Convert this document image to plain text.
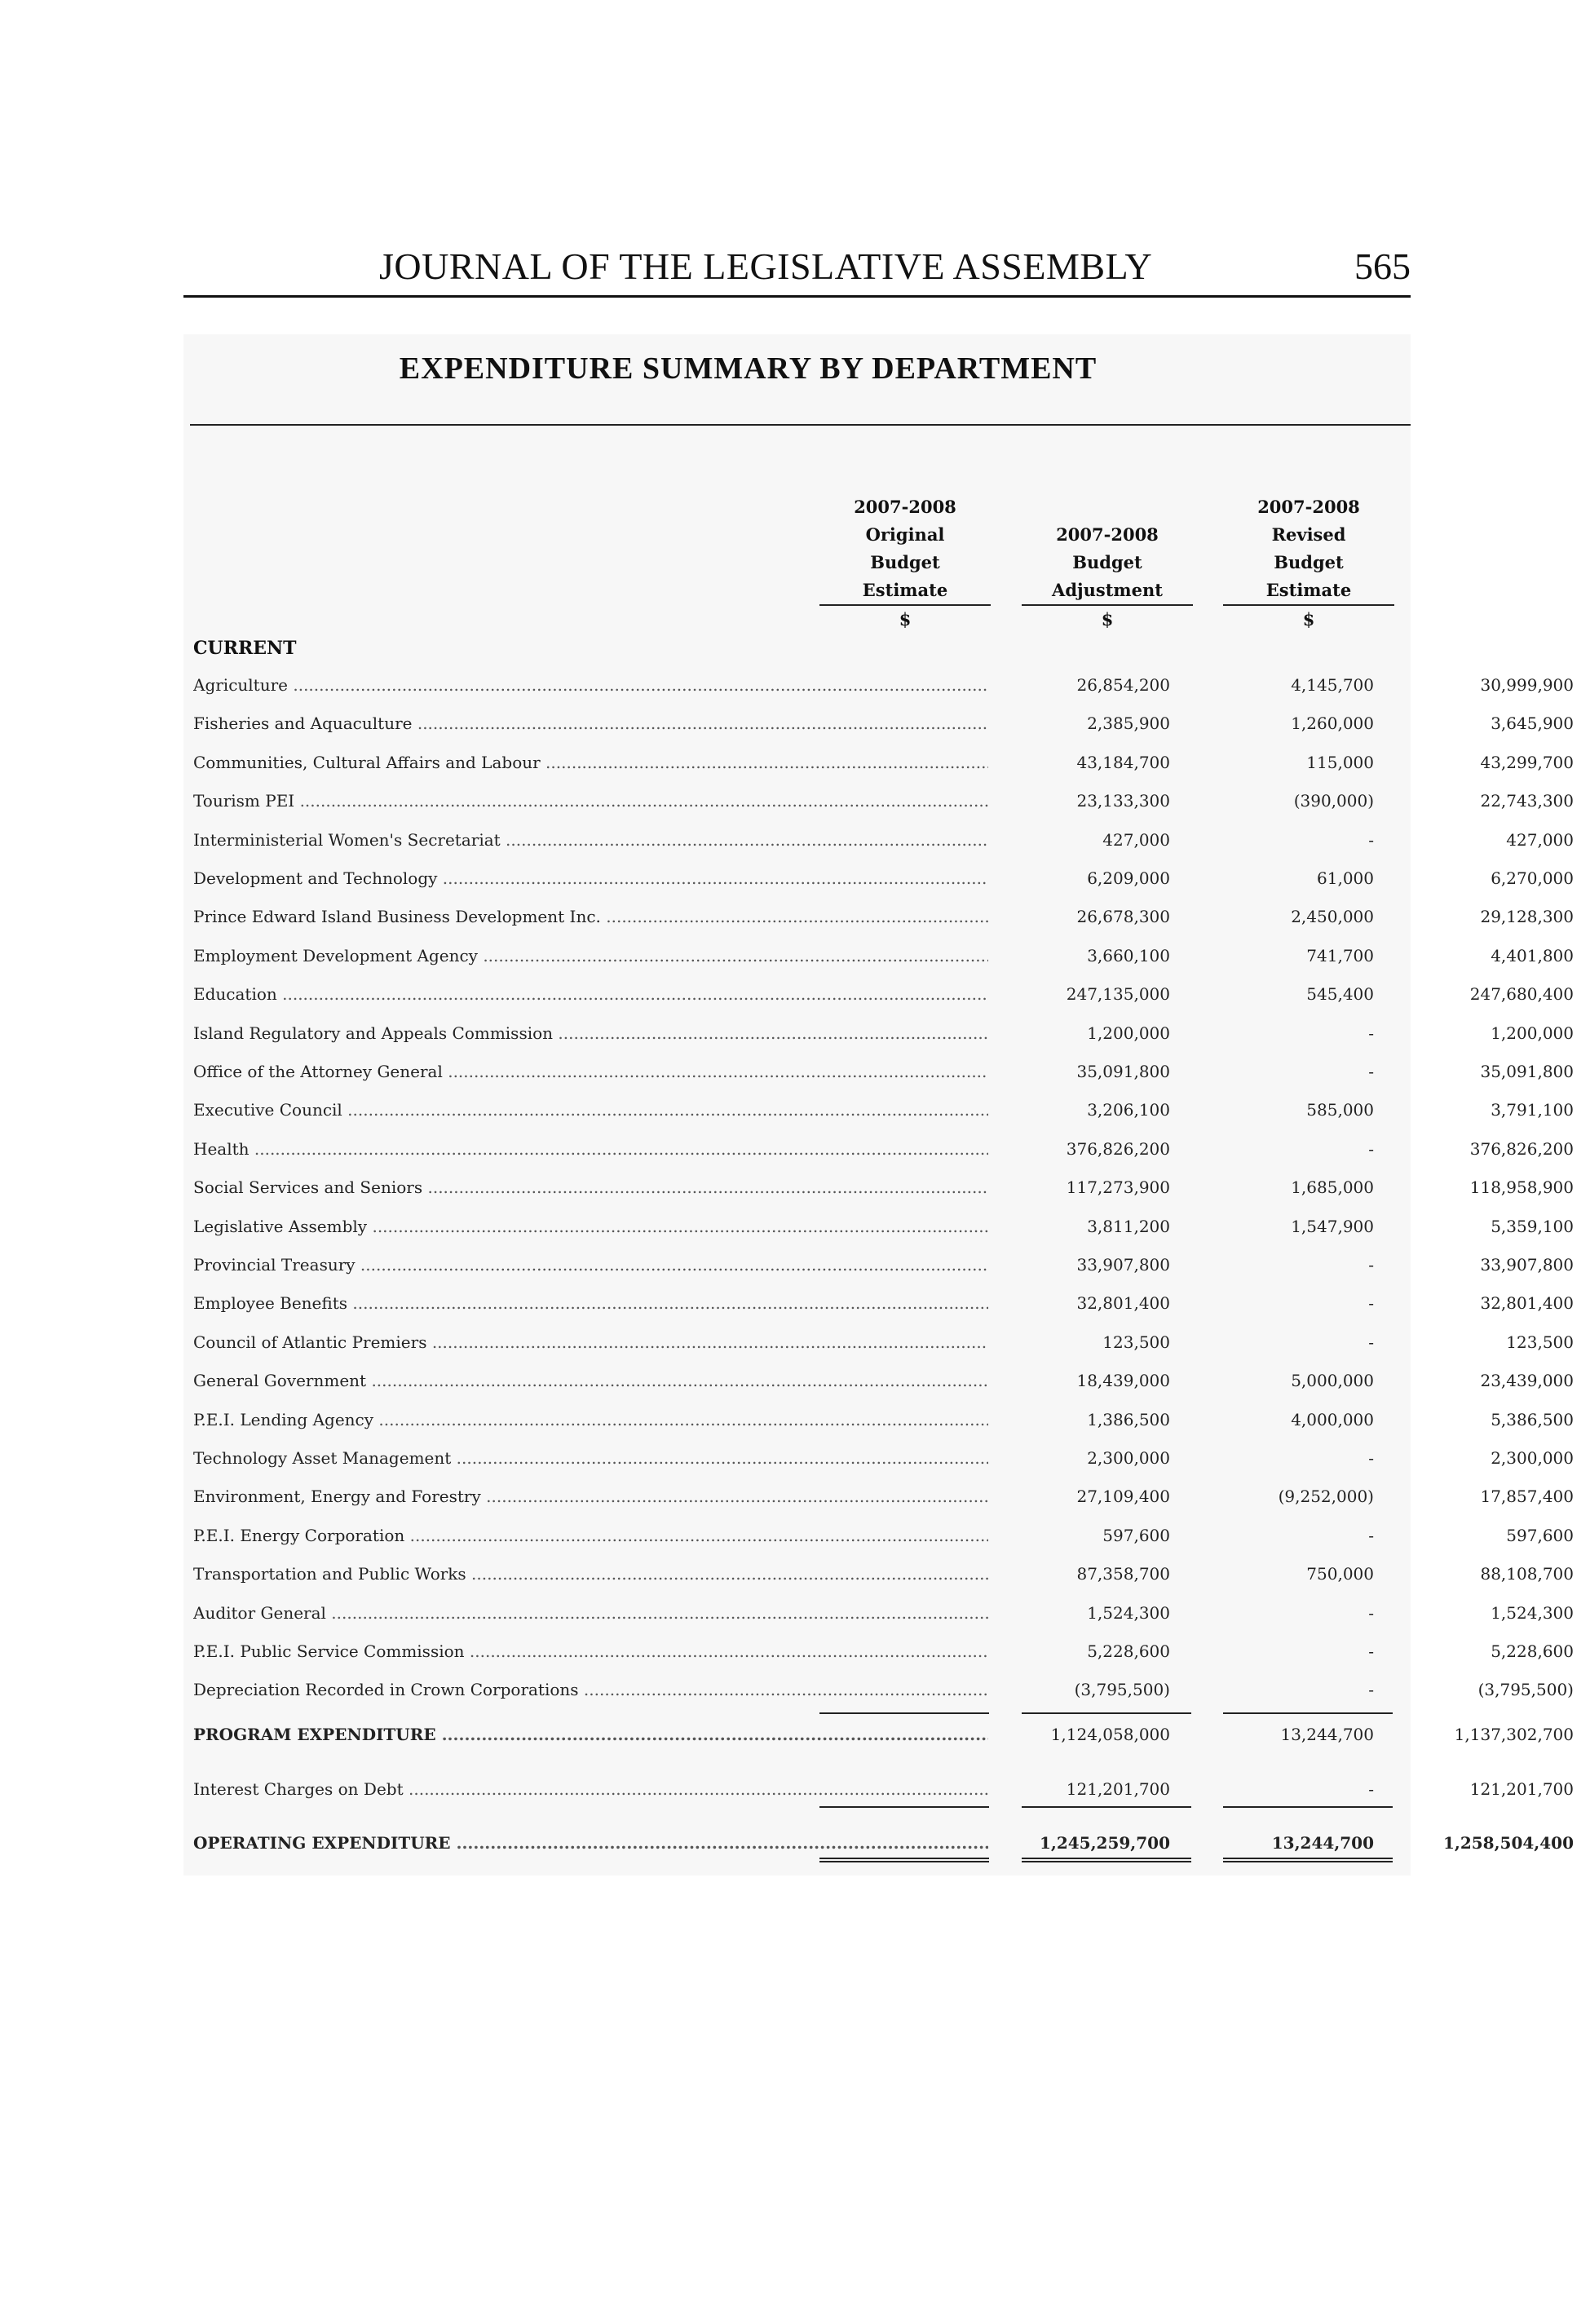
JOURNAL OF THE LEGISLATIVE ASSEMBLY	565
EXPENDITURE SUMMARY BY DEPARTMENT
2007-2008
Original
Budget
Estimate
$
2007-2008
Budget
Adjustment
$
2007-2008
Revised
Budget
Estimate
$
CURRENT
Agriculture .....	26,854,200	4,145,700	30,999,900
Fisheries and Aquaculture .....	2,385,900	1,260,000	3,645,900
Communities, Cultural Affairs and Labour .....	43,184,700	115,000	43,299,700
Tourism PEI .....	23,133,300	(390,000)	22,743,300
Interministerial Women's Secretariat .....	427,000	-	427,000
Development and Technology .....	6,209,000	61,000	6,270,000
Prince Edward Island Business Development Inc. .....	26,678,300	2,450,000	29,128,300
Employment Development Agency .....	3,660,100	741,700	4,401,800
Education .....	247,135,000	545,400	247,680,400
Island Regulatory and Appeals Commission .....	1,200,000	-	1,200,000
Office of the Attorney General .....	35,091,800	-	35,091,800
Executive Council .....	3,206,100	585,000	3,791,100
Health .....	376,826,200	-	376,826,200
Social Services and Seniors .....	117,273,900	1,685,000	118,958,900
Legislative Assembly .....	3,811,200	1,547,900	5,359,100
Provincial Treasury .....	33,907,800	-	33,907,800
Employee Benefits .....	32,801,400	-	32,801,400
Council of Atlantic Premiers .....	123,500	-	123,500
General Government .....	18,439,000	5,000,000	23,439,000
P.E.I. Lending Agency .....	1,386,500	4,000,000	5,386,500
Technology Asset Management .....	2,300,000	-	2,300,000
Environment, Energy and Forestry .....	27,109,400	(9,252,000)	17,857,400
P.E.I. Energy Corporation .....	597,600	-	597,600
Transportation and Public Works .....	87,358,700	750,000	88,108,700
Auditor General .....	1,524,300	-	1,524,300
P.E.I. Public Service Commission .....	5,228,600	-	5,228,600
Depreciation Recorded in Crown Corporations .....	(3,795,500)	-	(3,795,500)
PROGRAM EXPENDITURE .....	1,124,058,000	13,244,700	1,137,302,700
Interest Charges on Debt .....	121,201,700	-	121,201,700
OPERATING EXPENDITURE .....	1,245,259,700	13,244,700	1,258,504,400
